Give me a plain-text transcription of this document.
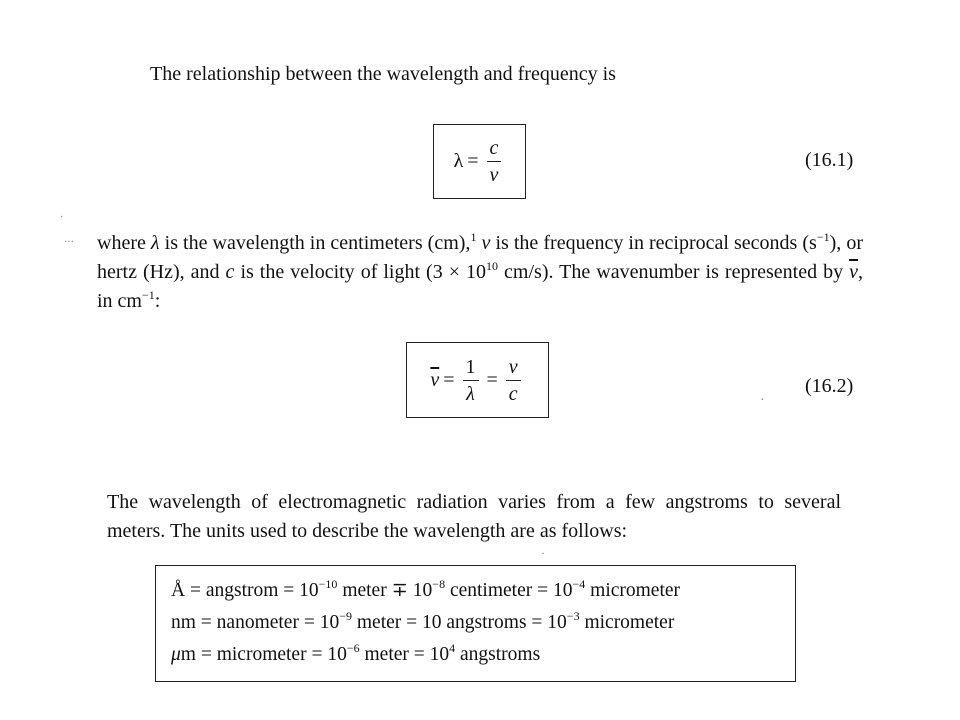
The relationship between the wavelength and frequency is
$\lambda = \frac{c}{\nu}$	(16.1)
·
… where λ is the wavelength in centimeters (cm),$^1$ ν is the frequency in reciprocal seconds $(s^{-1})$, or hertz (Hz), and c is the velocity of light ($3 \times 10^{10}$ cm/s). The wavenumber is represented by $\overline{\nu}$, in $cm^{-1}$:
$\overline{\nu} = \frac{1}{\lambda} = \frac{\nu}{c}$	(16.2)
·
The wavelength of electromagnetic radiation varies from a few angstroms to several meters. The units used to describe the wavelength are as follows:
·
Å = angstrom = $10^{-10}$ meter ∓ $10^{-8}$ centimeter = $10^{-4}$ micrometer
nm = nanometer = $10^{-9}$ meter = 10 angstroms = $10^{-3}$ micrometer
μm = micrometer = $10^{-6}$ meter = $10^4$ angstroms
